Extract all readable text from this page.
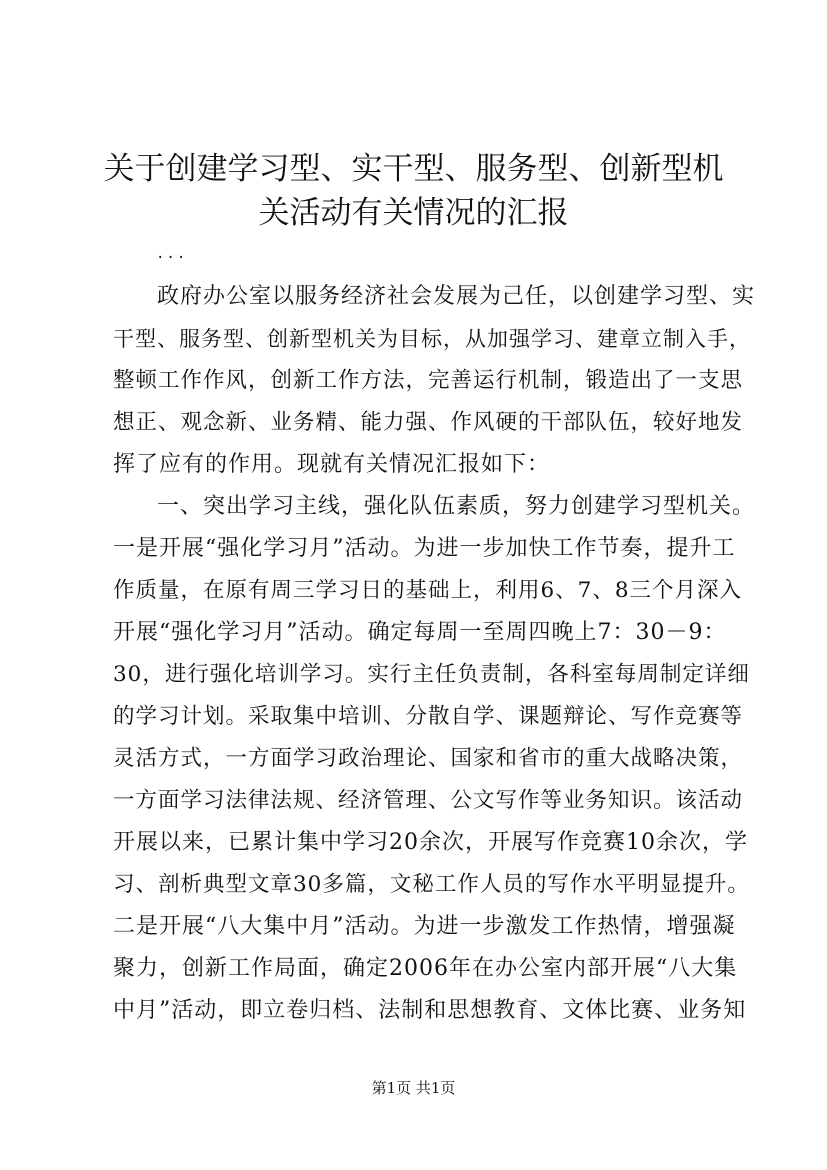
关于创建学习型、实干型、服务型、创新型机
关活动有关情况的汇报
...
政府办公室以服务经济社会发展为己任，以创建学习型、实
干型、服务型、创新型机关为目标，从加强学习、建章立制入手，
整顿工作作风，创新工作方法，完善运行机制，锻造出了一支思
想正、观念新、业务精、能力强、作风硬的干部队伍，较好地发
挥了应有的作用。现就有关情况汇报如下：
一、突出学习主线，强化队伍素质，努力创建学习型机关。
一是开展“强化学习月”活动。为进一步加快工作节奏，提升工
作质量，在原有周三学习日的基础上，利用6、7、8三个月深入
开展“强化学习月”活动。确定每周一至周四晚上7：30－9：
30，进行强化培训学习。实行主任负责制，各科室每周制定详细
的学习计划。采取集中培训、分散自学、课题辩论、写作竞赛等
灵活方式，一方面学习政治理论、国家和省市的重大战略决策，
一方面学习法律法规、经济管理、公文写作等业务知识。该活动
开展以来，已累计集中学习20余次，开展写作竞赛10余次，学
习、剖析典型文章30多篇，文秘工作人员的写作水平明显提升。
二是开展“八大集中月”活动。为进一步激发工作热情，增强凝
聚力，创新工作局面，确定2006年在办公室内部开展“八大集
中月”活动，即立卷归档、法制和思想教育、文体比赛、业务知
第1页 共1页
